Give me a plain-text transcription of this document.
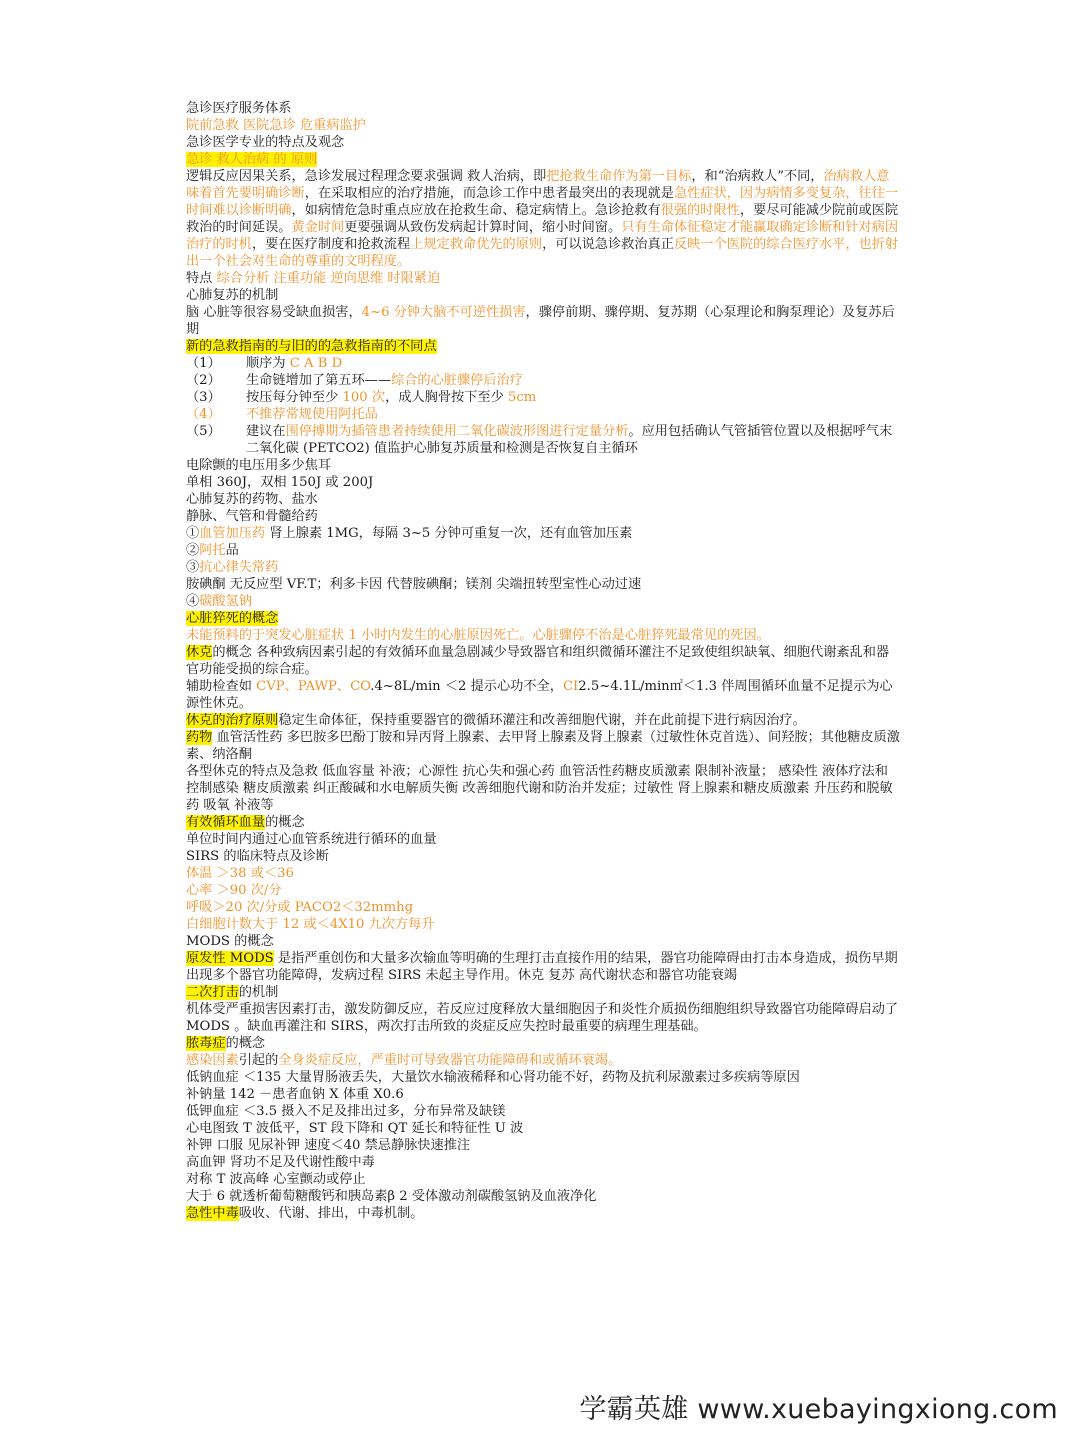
急诊医疗服务体系
院前急救 医院急诊 危重病监护
急诊医学专业的特点及观念
急诊 救人治病 的 原则
逻辑反应因果关系，急诊发展过程理念要求强调 救人治病，即把抢救生命作为第一目标，和“治病救人”不同，治病救人意味着首先要明确诊断，在采取相应的治疗措施，而急诊工作中患者最突出的表现就是急性症状，因为病情多变复杂，往往一时间难以诊断明确，如病情危急时重点应放在抢救生命、稳定病情上。急诊抢救有很强的时限性，要尽可能减少院前或医院救治的时间延误。黄金时间更要强调从致伤发病起计算时间，缩小时间窗。只有生命体征稳定才能赢取确定诊断和针对病因治疗的时机，要在医疗制度和抢救流程上规定救命优先的原则，可以说急诊救治真正反映一个医院的综合医疗水平，也折射出一个社会对生命的尊重的文明程度。
特点 综合分析 注重功能 逆向思维 时限紧迫
心肺复苏的机制
脑 心脏等很容易受缺血损害，4~6 分钟大脑不可逆性损害，骤停前期、骤停期、复苏期（心泵理论和胸泵理论）及复苏后期
新的急救指南的与旧的的急救指南的不同点
（1）	顺序为 C A B D
（2）	生命链增加了第五环——综合的心脏骤停后治疗
（3）	按压每分钟至少 100 次，成人胸骨按下至少 5cm
（4）	不推荐常规使用阿托品
（5）	建议在围停搏期为插管患者持续使用二氧化碳波形图进行定量分析。应用包括确认气管插管位置以及根据呼气末二氧化碳 (PETCO2) 值监护心肺复苏质量和检测是否恢复自主循环
电除颤的电压用多少焦耳
单相 360J，双相 150J 或 200J
心肺复苏的药物、盐水
静脉、气管和骨髓给药
①血管加压药 肾上腺素 1MG，每隔 3~5 分钟可重复一次，还有血管加压素
②阿托品
③抗心律失常药
胺碘酮 无反应型 VF.T；利多卡因 代替胺碘酮；镁剂 尖端扭转型室性心动过速
④碳酸氢钠
心脏猝死的概念
未能预料的于突发心脏症状 1 小时内发生的心脏原因死亡。心脏骤停不治是心脏猝死最常见的死因。
休克的概念 各种致病因素引起的有效循环血量急剧减少导致器官和组织微循环灌注不足致使组织缺氧、细胞代谢紊乱和器官功能受损的综合症。
辅助检查如 CVP、PAWP、CO.4~8L/min ＜2 提示心功不全，CI2.5~4.1L/min㎡＜1.3 伴周围循环血量不足提示为心源性休克。
休克的治疗原则稳定生命体征，保持重要器官的微循环灌注和改善细胞代谢，并在此前提下进行病因治疗。
药物 血管活性药 多巴胺多巴酚丁胺和异丙肾上腺素、去甲肾上腺素及肾上腺素（过敏性休克首选）、间羟胺；其他糖皮质激素、纳洛酮
各型休克的特点及急救 低血容量 补液；心源性 抗心失和强心药 血管活性药糖皮质激素 限制补液量； 感染性 液体疗法和控制感染 糖皮质激素 纠正酸碱和水电解质失衡 改善细胞代谢和防治并发症；过敏性 肾上腺素和糖皮质激素 升压药和脱敏药 吸氧 补液等
有效循环血量的概念
单位时间内通过心血管系统进行循环的血量
SIRS 的临床特点及诊断
体温 ＞38 或＜36
心率 ＞90 次/分
呼吸＞20 次/分或 PACO2＜32mmhg
白细胞计数大于 12 或＜4X10 九次方每升
MODS 的概念
原发性 MODS 是指严重创伤和大量多次输血等明确的生理打击直接作用的结果，器官功能障碍由打击本身造成，损伤早期出现多个器官功能障碍，发病过程 SIRS 未起主导作用。休克 复苏 高代谢状态和器官功能衰竭
二次打击的机制
机体受严重损害因素打击，激发防御反应，若反应过度释放大量细胞因子和炎性介质损伤细胞组织导致器官功能障碍启动了 MODS 。缺血再灌注和 SIRS，两次打击所致的炎症反应失控时最重要的病理生理基础。
脓毒症的概念
感染因素引起的全身炎症反应，严重时可导致器官功能障碍和或循环衰竭。
低钠血症 ＜135 大量胃肠液丢失，大量饮水输液稀释和心肾功能不好，药物及抗利尿激素过多疾病等原因
补钠量 142 －患者血钠 X 体重 X0.6
低钾血症 ＜3.5 摄入不足及排出过多，分布异常及缺镁
心电图致 T 波低平，ST 段下降和 QT 延长和特征性 U 波
补钾 口服 见尿补钾 速度＜40 禁忌静脉快速推注
高血钾 肾功不足及代谢性酸中毒
对称 T 波高峰 心室颤动或停止
大于 6 就透析葡萄糖酸钙和胰岛素β 2 受体激动剂碳酸氢钠及血液净化
急性中毒吸收、代谢、排出，中毒机制。
学霸英雄 www.xuebayingxiong.com
